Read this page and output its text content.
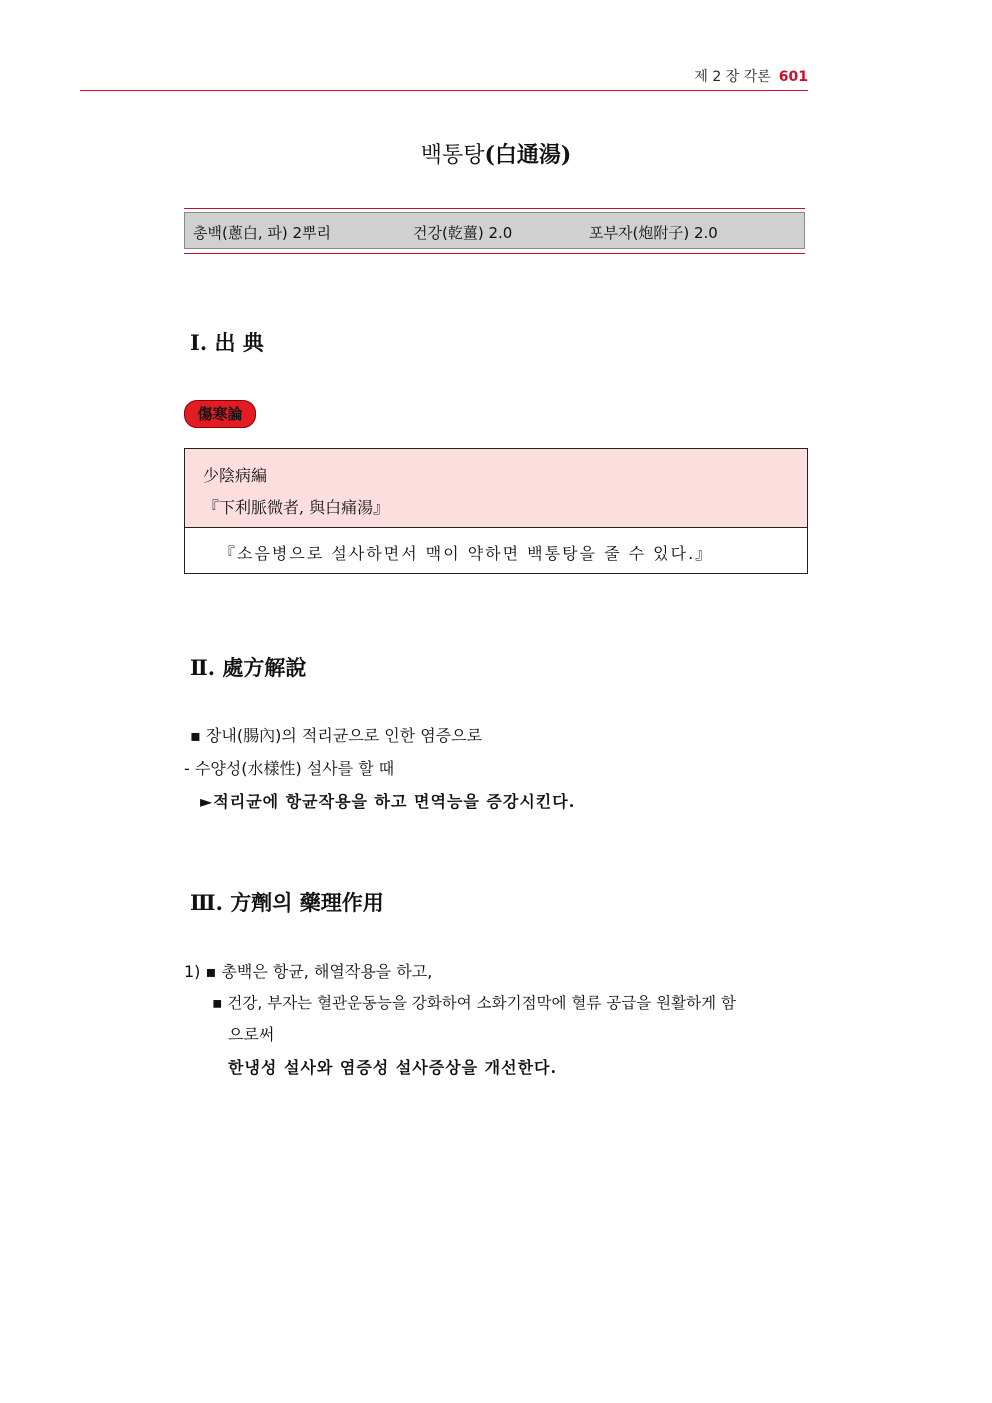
제 2 장 각론 601
백통탕(白通湯)
총백(蔥白, 파) 2뿌리	건강(乾薑) 2.0	포부자(炮附子) 2.0
Ⅰ. 出 典
傷寒論
少陰病編
『下利脈微者, 與白痛湯』
『소음병으로 설사하면서 맥이 약하면 백통탕을 줄 수 있다.』
Ⅱ. 處方解說
▪ 장내(腸內)의 적리균으로 인한 염증으로
- 수양성(水樣性) 설사를 할 때
►적리균에 항균작용을 하고 면역능을 증강시킨다.
Ⅲ. 方劑의 藥理作用
1) ▪ 총백은 항균, 해열작용을 하고,
▪ 건강, 부자는 혈관운동능을 강화하여 소화기점막에 혈류 공급을 원활하게 함
으로써
한냉성 설사와 염증성 설사증상을 개선한다.
